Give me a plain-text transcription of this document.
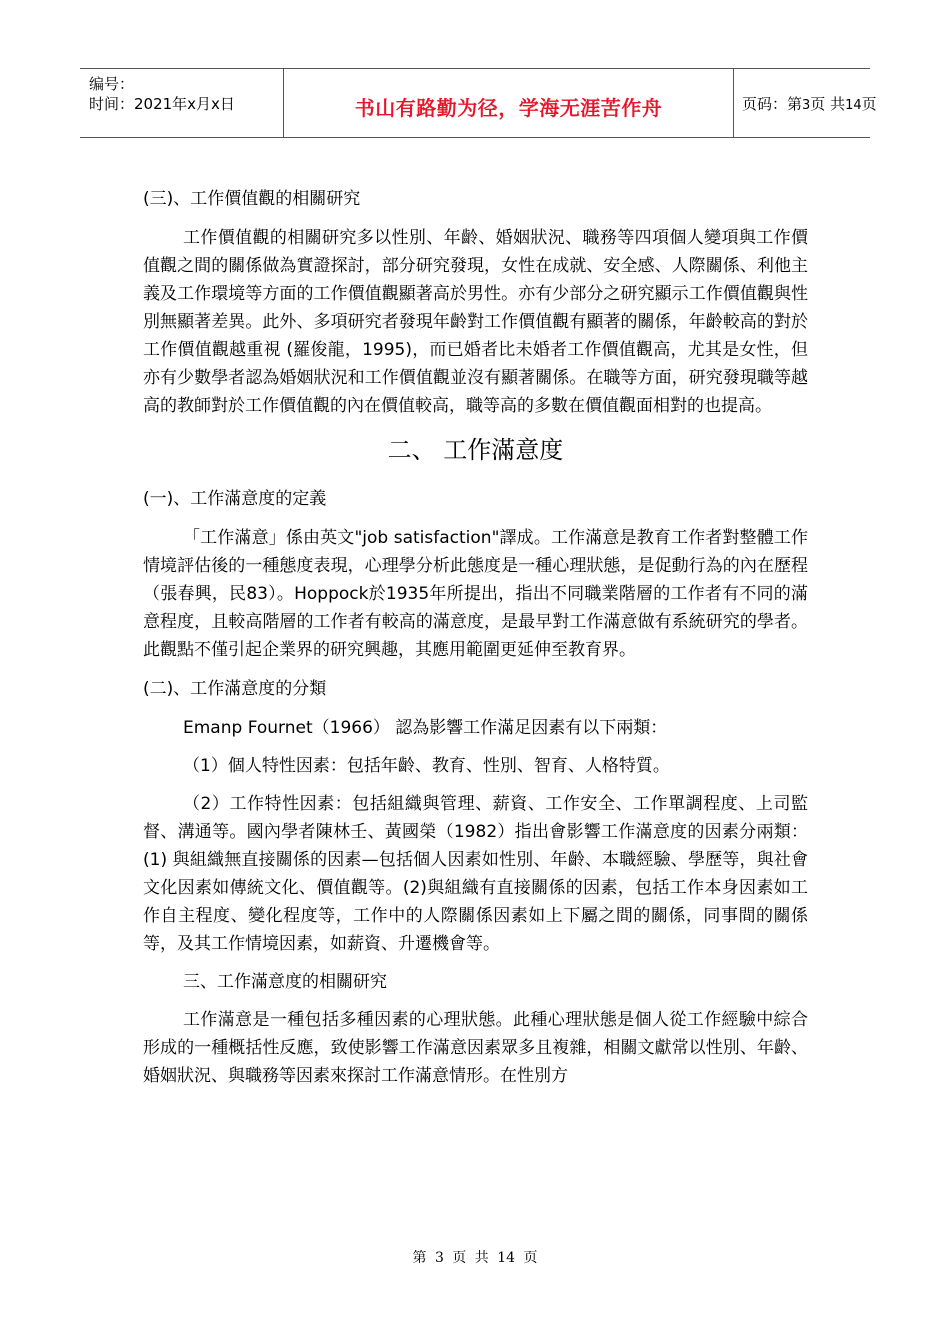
编号：
时间：2021年x月x日	书山有路勤为径，学海无涯苦作舟	页码：第3页 共14页
(三)、工作價值觀的相關研究

工作價值觀的相關研究多以性別、年齡、婚姻狀況、職務等四項個人變項與工作價值觀之間的關係做為實證探討，部分研究發現，女性在成就、安全感、人際關係、利他主義及工作環境等方面的工作價值觀顯著高於男性。亦有少部分之研究顯示工作價值觀與性別無顯著差異。此外、多項研究者發現年齡對工作價值觀有顯著的關係，年齡較高的對於工作價值觀越重視 (羅俊龍，1995)，而已婚者比未婚者工作價值觀高，尤其是女性，但亦有少數學者認為婚姻狀況和工作價值觀並沒有顯著關係。在職等方面，研究發現職等越高的教師對於工作價值觀的內在價值較高，職等高的多數在價值觀面相對的也提高。

二、 工作滿意度
(一)、工作滿意度的定義

「工作滿意」係由英文"job satisfaction"譯成。工作滿意是教育工作者對整體工作情境評估後的一種態度表現，心理學分析此態度是一種心理狀態，是促動行為的內在歷程（張春興，民83）。Hoppock於1935年所提出，指出不同職業階層的工作者有不同的滿意程度，且較高階層的工作者有較高的滿意度，是最早對工作滿意做有系統研究的學者。此觀點不僅引起企業界的研究興趣，其應用範圍更延伸至教育界。

(二)、工作滿意度的分類
Emanp Fournet（1966） 認為影響工作滿足因素有以下兩類：
（1）個人特性因素：包括年齡、教育、性別、智育、人格特質。

（2）工作特性因素：包括組織與管理、薪資、工作安全、工作單調程度、上司監督、溝通等。國內學者陳林壬、黃國榮（1982）指出會影響工作滿意度的因素分兩類：(1) 與組織無直接關係的因素—包括個人因素如性別、年齡、本職經驗、學歷等，與社會文化因素如傳統文化、價值觀等。(2)與組織有直接關係的因素，包括工作本身因素如工作自主程度、變化程度等，工作中的人際關係因素如上下屬之間的關係，同事間的關係等，及其工作情境因素，如薪資、升遷機會等。

三、工作滿意度的相關研究

工作滿意是一種包括多種因素的心理狀態。此種心理狀態是個人從工作經驗中綜合形成的一種概括性反應，致使影響工作滿意因素眾多且複雜，相關文獻常以性別、年齡、婚姻狀況、與職務等因素來探討工作滿意情形。在性別方

第 3 页 共 14 页
